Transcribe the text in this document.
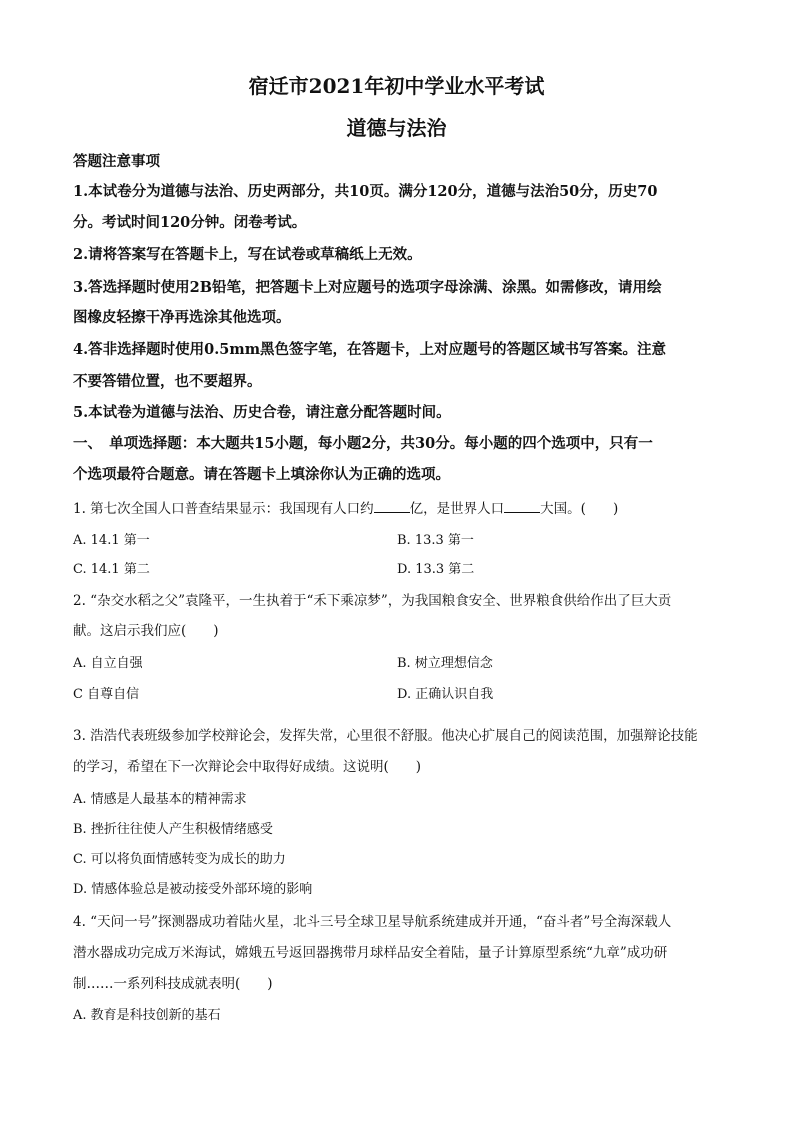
宿迁市2021年初中学业水平考试
道德与法治
答题注意事项
1.本试卷分为道德与法治、历史两部分，共10页。满分120分，道德与法治50分，历史70
分。考试时间120分钟。闭卷考试。
2.请将答案写在答题卡上，写在试卷或草稿纸上无效。
3.答选择题时使用2B铅笔，把答题卡上对应题号的选项字母涂满、涂黑。如需修改，请用绘
图橡皮轻擦干净再选涂其他选项。
4.答非选择题时使用0.5mm黑色签字笔，在答题卡，上对应题号的答题区域书写答案。注意
不要答错位置，也不要超界。
5.本试卷为道德与法治、历史合卷，请注意分配答题时间。
一、　单项选择题：本大题共15小题，每小题2分，共30分。每小题的四个选项中，只有一
个选项最符合题意。请在答题卡上填涂你认为正确的选项。
1. 第七次全国人口普查结果显示：我国现有人口约	亿，是世界人口	大国。(　　)
A. 14.1 第一	B. 13.3 第一
C. 14.1 第二	D. 13.3 第二
2. “杂交水稻之父”袁隆平，一生执着于“禾下乘凉梦”，为我国粮食安全、世界粮食供给作出了巨大贡
献。这启示我们应(　　)
A. 自立自强	B. 树立理想信念
C 自尊自信	D. 正确认识自我
3. 浩浩代表班级参加学校辩论会，发挥失常，心里很不舒服。他决心扩展自己的阅读范围，加强辩论技能
的学习，希望在下一次辩论会中取得好成绩。这说明(　　)
A. 情感是人最基本的精神需求
B. 挫折往往使人产生积极情绪感受
C. 可以将负面情感转变为成长的助力
D. 情感体验总是被动接受外部环境的影响
4. “天问一号”探测器成功着陆火星，北斗三号全球卫星导航系统建成并开通，“奋斗者”号全海深载人
潜水器成功完成万米海试，嫦娥五号返回器携带月球样品安全着陆，量子计算原型系统“九章”成功研
制……一系列科技成就表明(　　)
A. 教育是科技创新的基石
